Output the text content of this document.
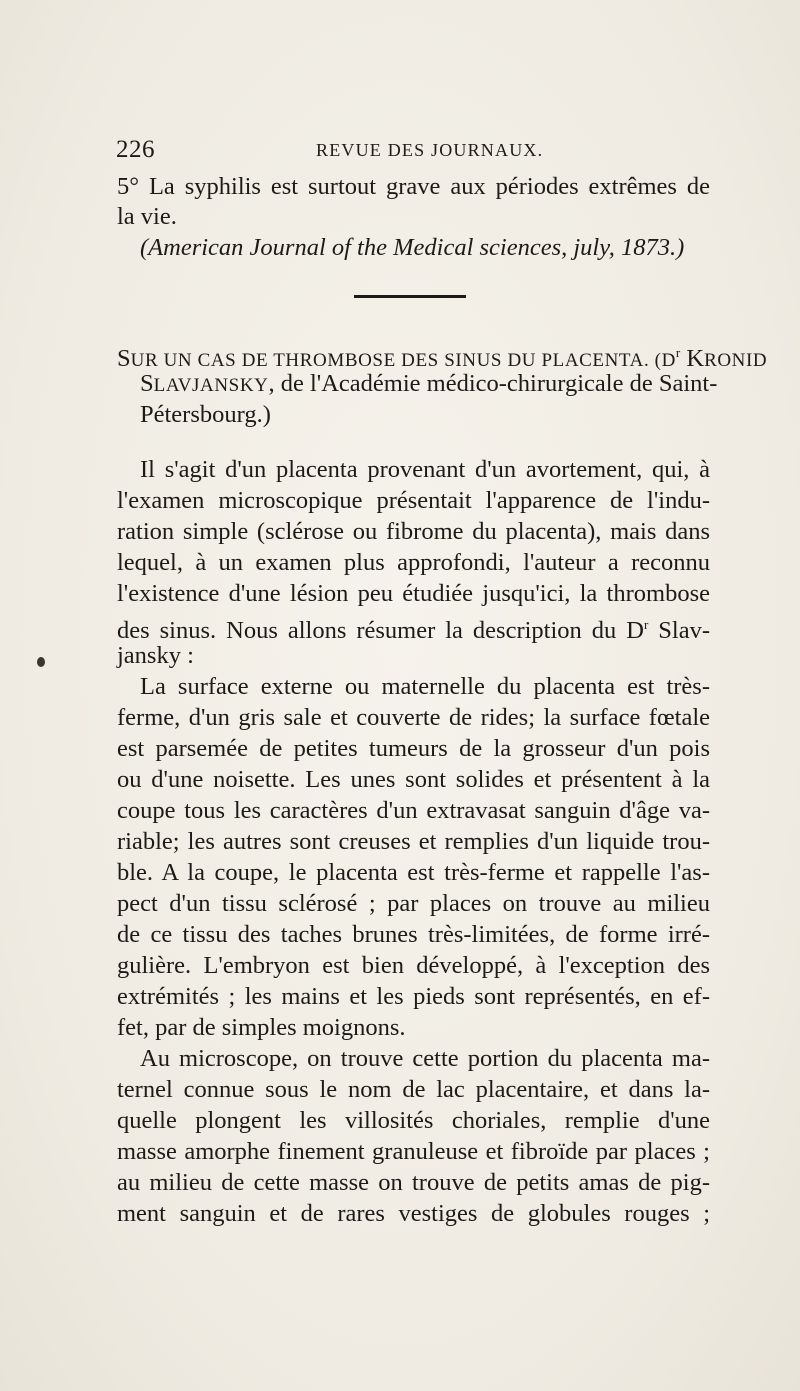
226	REVUE DES JOURNAUX.
5° La syphilis est surtout grave aux périodes extrêmes de
la vie.
(American Journal of the Medical sciences, july, 1873.)
SUR UN CAS DE THROMBOSE DES SINUS DU PLACENTA. ($D^r$ KRONID
SLAVJANSKY, de l'Académie médico-chirurgicale de Saint-
Pétersbourg.)
Il s'agit d'un placenta provenant d'un avortement, qui, à
l'examen microscopique présentait l'apparence de l'indu-
ration simple (sclérose ou fibrome du placenta), mais dans
lequel, à un examen plus approfondi, l'auteur a reconnu
l'existence d'une lésion peu étudiée jusqu'ici, la thrombose
des sinus. Nous allons résumer la description du $D^r$ Slav-
jansky :
La surface externe ou maternelle du placenta est très-
ferme, d'un gris sale et couverte de rides; la surface fœtale
est parsemée de petites tumeurs de la grosseur d'un pois
ou d'une noisette. Les unes sont solides et présentent à la
coupe tous les caractères d'un extravasat sanguin d'âge va-
riable; les autres sont creuses et remplies d'un liquide trou-
ble. A la coupe, le placenta est très-ferme et rappelle l'as-
pect d'un tissu sclérosé ; par places on trouve au milieu
de ce tissu des taches brunes très-limitées, de forme irré-
gulière. L'embryon est bien développé, à l'exception des
extrémités ; les mains et les pieds sont représentés, en ef-
fet, par de simples moignons.
Au microscope, on trouve cette portion du placenta ma-
ternel connue sous le nom de lac placentaire, et dans la-
quelle plongent les villosités choriales, remplie d'une
masse amorphe finement granuleuse et fibroïde par places ;
au milieu de cette masse on trouve de petits amas de pig-
ment sanguin et de rares vestiges de globules rouges ;
